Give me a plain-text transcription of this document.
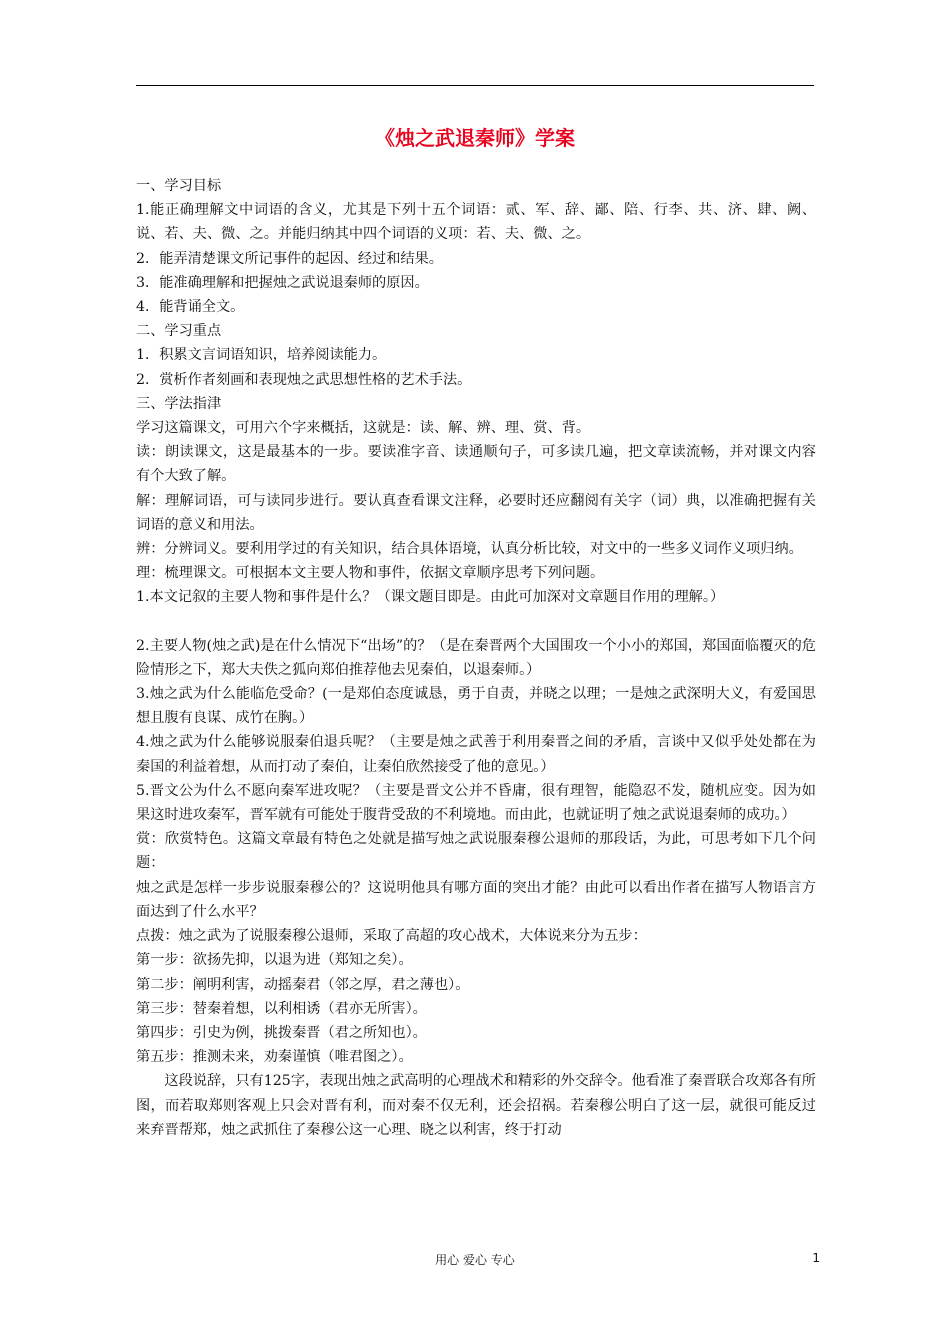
《烛之武退秦师》学案

一、学习目标

1.能正确理解文中词语的含义，尤其是下列十五个词语：贰、军、辞、鄙、陪、行李、共、济、肆、阙、说、若、夫、微、之。并能归纳其中四个词语的义项：若、夫、微、之。

2．能弄清楚课文所记事件的起因、经过和结果。

3．能准确理解和把握烛之武说退秦师的原因。

4．能背诵全文。

二、学习重点

1．积累文言词语知识，培养阅读能力。

2．赏析作者刻画和表现烛之武思想性格的艺术手法。

三、学法指津

学习这篇课文，可用六个字来概括，这就是：读、解、辨、理、赏、背。

读：朗读课文，这是最基本的一步。要读准字音、读通顺句子，可多读几遍，把文章读流畅，并对课文内容有个大致了解。

解：理解词语，可与读同步进行。要认真查看课文注释，必要时还应翻阅有关字（词）典，以准确把握有关词语的意义和用法。

辨：分辨词义。要利用学过的有关知识，结合具体语境，认真分析比较，对文中的一些多义词作义项归纳。

理：梳理课文。可根据本文主要人物和事件，依据文章顺序思考下列问题。

1.本文记叙的主要人物和事件是什么？（课文题目即是。由此可加深对文章题目作用的理解。）

2.主要人物(烛之武)是在什么情况下“出场”的？（是在秦晋两个大国围攻一个小小的郑国，郑国面临覆灭的危险情形之下，郑大夫佚之狐向郑伯推荐他去见秦伯，以退秦师。）

3.烛之武为什么能临危受命？(一是郑伯态度诚恳，勇于自责，并晓之以理；一是烛之武深明大义，有爱国思想且腹有良谋、成竹在胸。）

4.烛之武为什么能够说服秦伯退兵呢？（主要是烛之武善于利用秦晋之间的矛盾，言谈中又似乎处处都在为秦国的利益着想，从而打动了秦伯，让秦伯欣然接受了他的意见。）

5.晋文公为什么不愿向秦军进攻呢？（主要是晋文公并不昏庸，很有理智，能隐忍不发，随机应变。因为如果这时进攻秦军，晋军就有可能处于腹背受敌的不利境地。而由此，也就证明了烛之武说退秦师的成功。）

赏：欣赏特色。这篇文章最有特色之处就是描写烛之武说服秦穆公退师的那段话，为此，可思考如下几个问题：

烛之武是怎样一步步说服秦穆公的？这说明他具有哪方面的突出才能？由此可以看出作者在描写人物语言方面达到了什么水平？

点拨：烛之武为了说服秦穆公退师，采取了高超的攻心战术，大体说来分为五步：

第一步：欲扬先抑，以退为进（郑知之矣）。

第二步：阐明利害，动摇秦君（邻之厚，君之薄也）。

第三步：替秦着想，以利相诱（君亦无所害）。

第四步：引史为例，挑拨秦晋（君之所知也）。

第五步：推测未来，劝秦谨慎（唯君图之）。

这段说辞，只有125字，表现出烛之武高明的心理战术和精彩的外交辞令。他看准了秦晋联合攻郑各有所图，而若取郑则客观上只会对晋有利，而对秦不仅无利，还会招祸。若秦穆公明白了这一层，就很可能反过来弃晋帮郑，烛之武抓住了秦穆公这一心理、晓之以利害，终于打动

用心 爱心 专心	1
